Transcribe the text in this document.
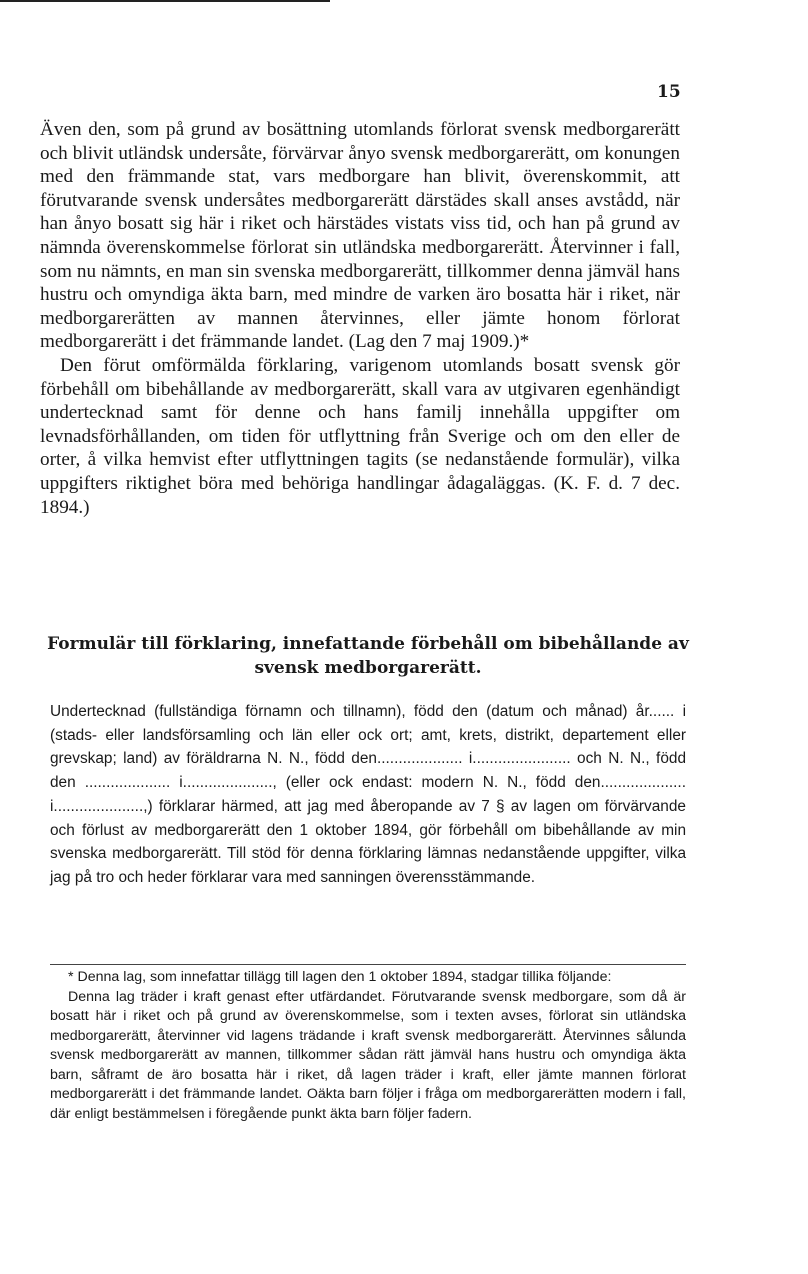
15

Även den, som på grund av bosättning utomlands förlorat svensk medborgarerätt och blivit utländsk undersåte, förvärvar ånyo svensk medborgarerätt, om konungen med den främmande stat, vars medborgare han blivit, överenskommit, att förutvarande svensk undersåtes medborgarerätt därstädes skall anses avstådd, när han ånyo bosatt sig här i riket och härstädes vistats viss tid, och han på grund av nämnda överenskommelse förlorat sin utländska medborgarerätt. Återvinner i fall, som nu nämnts, en man sin svenska medborgarerätt, tillkommer denna jämväl hans hustru och omyndiga äkta barn, med mindre de varken äro bosatta här i riket, när medborgarerätten av mannen återvinnes, eller jämte honom förlorat medborgarerätt i det främmande landet. (Lag den 7 maj 1909.)*

Den förut omförmälda förklaring, varigenom utomlands bosatt svensk gör förbehåll om bibehållande av medborgarerätt, skall vara av utgivaren egenhändigt undertecknad samt för denne och hans familj innehålla uppgifter om levnadsförhållanden, om tiden för utflyttning från Sverige och om den eller de orter, å vilka hemvist efter utflyttningen tagits (se nedanstående formulär), vilka uppgifters riktighet böra med behöriga handlingar ådagaläggas. (K. F. d. 7 dec. 1894.)

Formulär till förklaring, innefattande förbehåll om bibehållande av svensk medborgarerätt.

Undertecknad (fullständiga förnamn och tillnamn), född den (datum och månad) år...... i (stads- eller landsförsamling och län eller ock ort; amt, krets, distrikt, departement eller grevskap; land) av föräldrarna N. N., född den.................... i....................... och N. N., född den .................... i....................., (eller ock endast: modern N. N., född den.................... i.....................,) förklarar härmed, att jag med åberopande av 7 § av lagen om förvärvande och förlust av medborgarerätt den 1 oktober 1894, gör förbehåll om bibehållande av min svenska medborgarerätt. Till stöd för denna förklaring lämnas nedanstående uppgifter, vilka jag på tro och heder förklarar vara med sanningen överensstämmande.

* Denna lag, som innefattar tillägg till lagen den 1 oktober 1894, stadgar tillika följande:

Denna lag träder i kraft genast efter utfärdandet. Förutvarande svensk medborgare, som då är bosatt här i riket och på grund av överenskommelse, som i texten avses, förlorat sin utländska medborgarerätt, återvinner vid lagens trädande i kraft svensk medborgarerätt. Återvinnes sålunda svensk medborgarerätt av mannen, tillkommer sådan rätt jämväl hans hustru och omyndiga äkta barn, såframt de äro bosatta här i riket, då lagen träder i kraft, eller jämte mannen förlorat medborgarerätt i det främmande landet. Oäkta barn följer i fråga om medborgarerätten modern i fall, där enligt bestämmelsen i föregående punkt äkta barn följer fadern.
